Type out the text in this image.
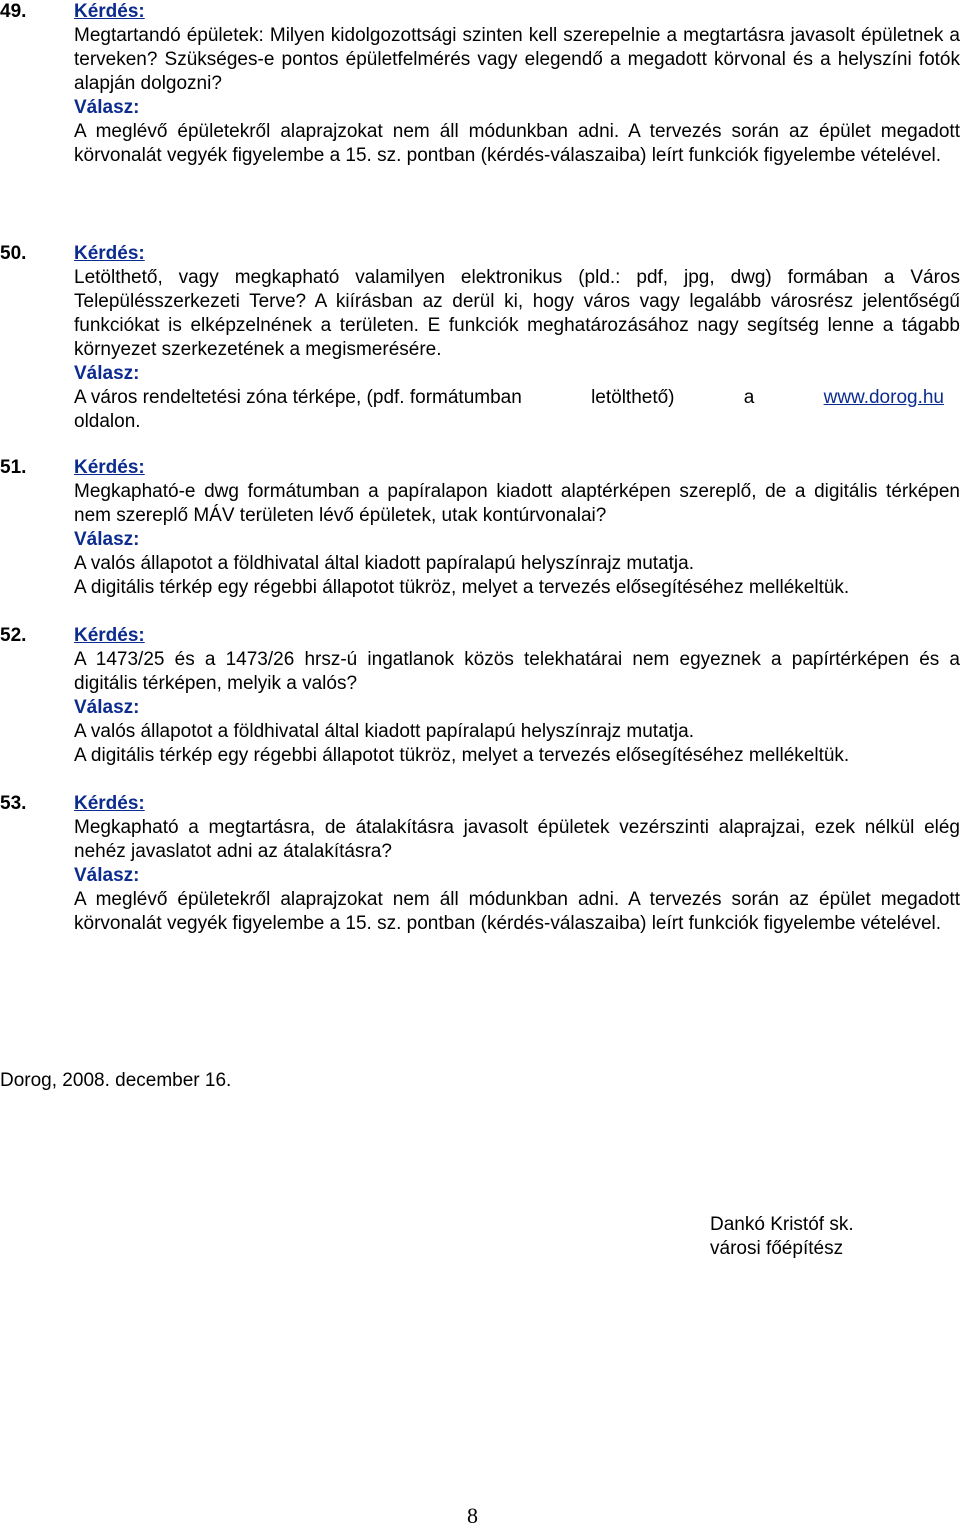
49.	Kérdés:
Megtartandó épületek: Milyen kidolgozottsági szinten kell szerepelnie a megtartásra javasolt épületnek a terveken? Szükséges-e pontos épületfelmérés vagy elegendő a megadott körvonal és a helyszíni fotók alapján dolgozni?
Válasz:
A meglévő épületekről alaprajzokat nem áll módunkban adni. A tervezés során az épület megadott körvonalát vegyék figyelembe a 15. sz. pontban (kérdés-válaszaiba) leírt funkciók figyelembe vételével.
50.	Kérdés:
Letölthető, vagy megkapható valamilyen elektronikus (pld.: pdf, jpg, dwg) formában a Város Településszerkezeti Terve? A kiírásban az derül ki, hogy város vagy legalább városrész jelentőségű funkciókat is elképzelnének a területen. E funkciók meghatározásához nagy segítség lenne a tágabb környezet szerkezetének a megismerésére.
Válasz:
A város rendeltetési zóna térképe, (pdf. formátumban	letölthető)	a	www.dorog.hu
oldalon.
51.	Kérdés:
Megkapható-e dwg formátumban a papíralapon kiadott alaptérképen szereplő, de a digitális térképen nem szereplő MÁV területen lévő épületek, utak kontúrvonalai?
Válasz:
A valós állapotot a földhivatal által kiadott papíralapú helyszínrajz mutatja.
A digitális térkép egy régebbi állapotot tükröz, melyet a tervezés elősegítéséhez mellékeltük.
52.	Kérdés:
A 1473/25 és a 1473/26 hrsz-ú ingatlanok közös telekhatárai nem egyeznek a papírtérképen és a digitális térképen, melyik a valós?
Válasz:
A valós állapotot a földhivatal által kiadott papíralapú helyszínrajz mutatja.
A digitális térkép egy régebbi állapotot tükröz, melyet a tervezés elősegítéséhez mellékeltük.
53.	Kérdés:
Megkapható a megtartásra, de átalakításra javasolt épületek vezérszinti alaprajzai, ezek nélkül elég nehéz javaslatot adni az átalakításra?
Válasz:
A meglévő épületekről alaprajzokat nem áll módunkban adni. A tervezés során az épület megadott körvonalát vegyék figyelembe a 15. sz. pontban (kérdés-válaszaiba) leírt funkciók figyelembe vételével.
Dorog, 2008. december 16.
Dankó Kristóf sk.
városi főépítész
8
